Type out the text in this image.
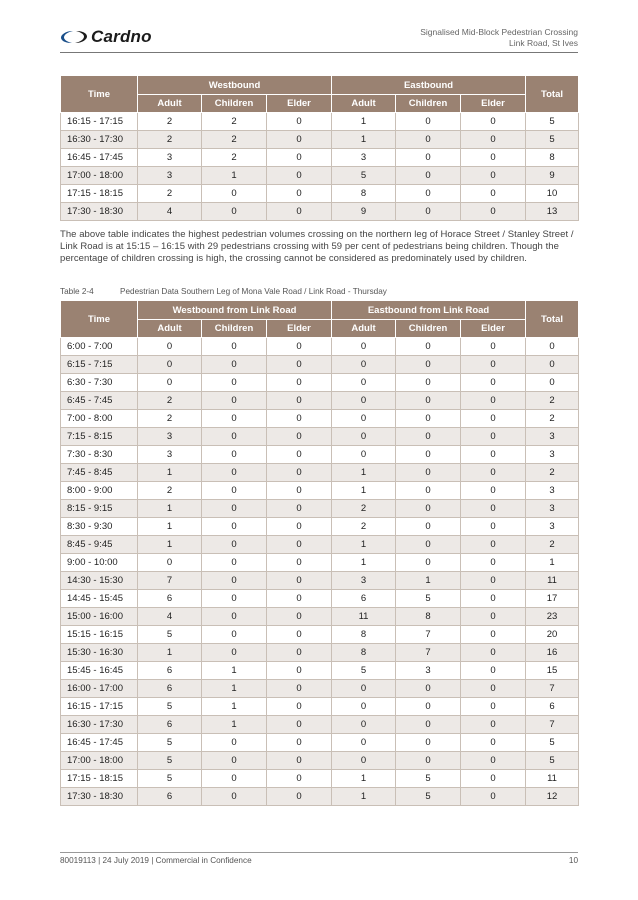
Cardno	Signalised Mid-Block Pedestrian Crossing
Link Road, St Ives
Time	Westbound			Eastbound			Total
	Adult	Children	Elder	Adult	Children	Elder	
16:15 - 17:15	2	2	0	1	0	0	5
16:30 - 17:30	2	2	0	1	0	0	5
16:45 - 17:45	3	2	0	3	0	0	8
17:00 - 18:00	3	1	0	5	0	0	9
17:15 - 18:15	2	0	0	8	0	0	10
17:30 - 18:30	4	0	0	9	0	0	13
The above table indicates the highest pedestrian volumes crossing on the northern leg of Horace Street / Stanley Street / Link Road is at 15:15 – 16:15 with 29 pedestrians crossing with 59 per cent of pedestrians being children. Though the percentage of children crossing is high, the crossing cannot be considered as predominately used by children.
Table 2-4	Pedestrian Data Southern Leg of Mona Vale Road / Link Road - Thursday
Time	Westbound from Link Road			Eastbound from Link Road			Total
	Adult	Children	Elder	Adult	Children	Elder	
6:00 - 7:00	0	0	0	0	0	0	0
6:15 - 7:15	0	0	0	0	0	0	0
6:30 - 7:30	0	0	0	0	0	0	0
6:45 - 7:45	2	0	0	0	0	0	2
7:00 - 8:00	2	0	0	0	0	0	2
7:15 - 8:15	3	0	0	0	0	0	3
7:30 - 8:30	3	0	0	0	0	0	3
7:45 - 8:45	1	0	0	1	0	0	2
8:00 - 9:00	2	0	0	1	0	0	3
8:15 - 9:15	1	0	0	2	0	0	3
8:30 - 9:30	1	0	0	2	0	0	3
8:45 - 9:45	1	0	0	1	0	0	2
9:00 - 10:00	0	0	0	1	0	0	1
14:30 - 15:30	7	0	0	3	1	0	11
14:45 - 15:45	6	0	0	6	5	0	17
15:00 - 16:00	4	0	0	11	8	0	23
15:15 - 16:15	5	0	0	8	7	0	20
15:30 - 16:30	1	0	0	8	7	0	16
15:45 - 16:45	6	1	0	5	3	0	15
16:00 - 17:00	6	1	0	0	0	0	7
16:15 - 17:15	5	1	0	0	0	0	6
16:30 - 17:30	6	1	0	0	0	0	7
16:45 - 17:45	5	0	0	0	0	0	5
17:00 - 18:00	5	0	0	0	0	0	5
17:15 - 18:15	5	0	0	1	5	0	11
17:30 - 18:30	6	0	0	1	5	0	12
80019113 | 24 July 2019 | Commercial in Confidence	10
